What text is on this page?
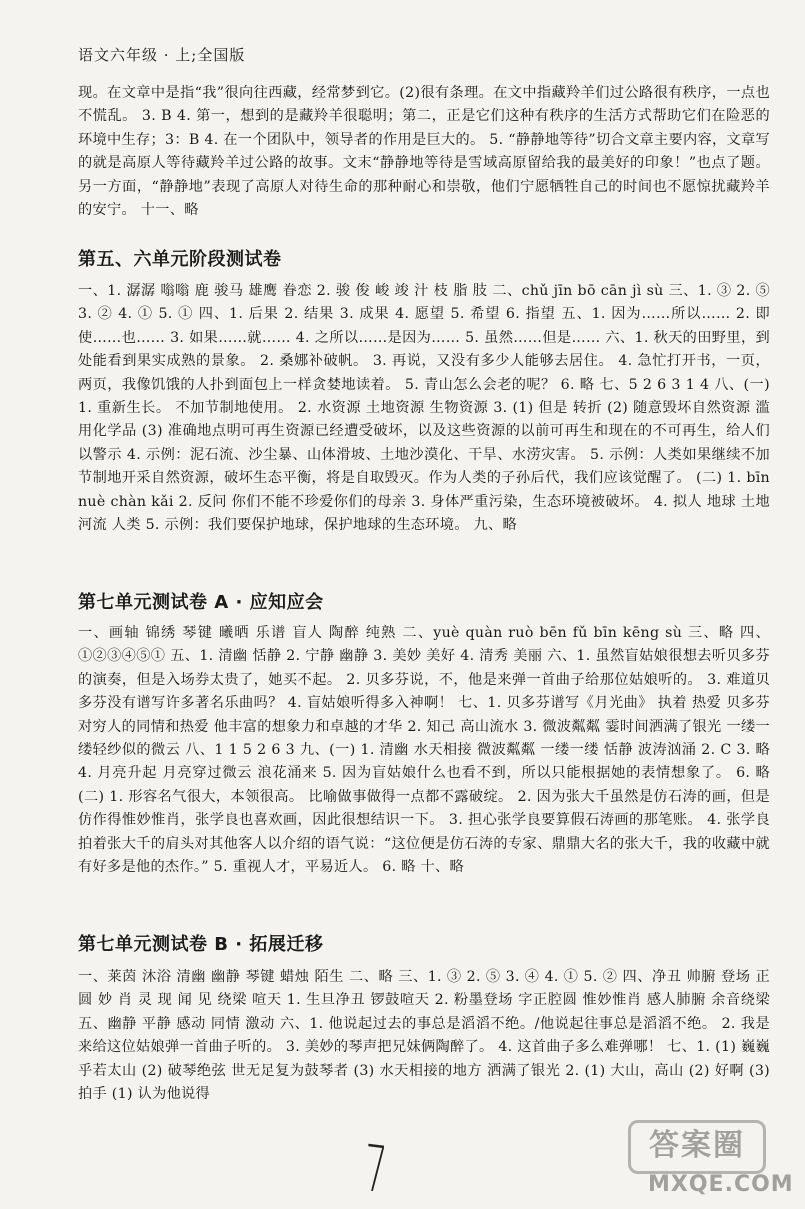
语文六年级 · 上;全国版

现。在文章中是指“我”很向往西藏，经常梦到它。(2)很有条理。在文中指藏羚羊们过公路很有秩序，一点也不慌乱。 3. B 4. 第一，想到的是藏羚羊很聪明；第二，正是它们这种有秩序的生活方式帮助它们在险恶的环境中生存；3：B 4. 在一个团队中，领导者的作用是巨大的。 5. “静静地等待”切合文章主要内容，文章写的就是高原人等待藏羚羊过公路的故事。文末“静静地等待是雪域高原留给我的最美好的印象！”也点了题。另一方面，“静静地”表现了高原人对待生命的那种耐心和崇敬，他们宁愿牺牲自己的时间也不愿惊扰藏羚羊的安宁。 十一、略

第五、六单元阶段测试卷

一、1. 潺潺 嗡嗡 鹿 骏马 雄鹰 眷恋 2. 骏 俊 峻 竣 汁 枝 脂 肢 二、chǔ jīn bō cān jì sù 三、1. ③ 2. ⑤ 3. ② 4. ① 5. ① 四、1. 后果 2. 结果 3. 成果 4. 愿望 5. 希望 6. 指望 五、1. 因为……所以…… 2. 即使……也…… 3. 如果……就…… 4. 之所以……是因为…… 5. 虽然……但是…… 六、1. 秋天的田野里，到处能看到果实成熟的景象。 2. 桑娜补破帆。 3. 再说，又没有多少人能够去居住。 4. 急忙打开书，一页，两页，我像饥饿的人扑到面包上一样贪婪地读着。 5. 青山怎么会老的呢？ 6. 略 七、5 2 6 3 1 4 八、(一) 1. 重新生长。 不加节制地使用。 2. 水资源 土地资源 生物资源 3. (1) 但是 转折 (2) 随意毁坏自然资源 滥用化学品 (3) 准确地点明可再生资源已经遭受破坏，以及这些资源的以前可再生和现在的不可再生，给人们以警示 4. 示例：泥石流、沙尘暴、山体滑坡、土地沙漠化、干旱、水涝灾害。 5. 示例：人类如果继续不加节制地开采自然资源，破坏生态平衡，将是自取毁灭。作为人类的子孙后代，我们应该觉醒了。 (二) 1. bīn nuè chàn kǎi 2. 反问 你们不能不珍爱你们的母亲 3. 身体严重污染，生态环境被破坏。 4. 拟人 地球 土地 河流 人类 5. 示例：我们要保护地球，保护地球的生态环境。 九、略

第七单元测试卷 A · 应知应会

一、画轴 锦绣 琴键 曦晒 乐谱 盲人 陶醉 纯熟 二、yuè quàn ruò bēn fǔ bīn kēng sù 三、略 四、①②③④⑤① 五、1. 清幽 恬静 2. 宁静 幽静 3. 美妙 美好 4. 清秀 美丽 六、1. 虽然盲姑娘很想去听贝多芬的演奏，但是入场券太贵了，她买不起。 2. 贝多芬说，不，他是来弹一首曲子给那位姑娘听的。 3. 难道贝多芬没有谱写许多著名乐曲吗？ 4. 盲姑娘听得多入神啊！ 七、1. 贝多芬谱写《月光曲》 执着 热爱 贝多芬对穷人的同情和热爱 他丰富的想象力和卓越的才华 2. 知己 高山流水 3. 微波粼粼 霎时间洒满了银光 一缕一缕轻纱似的微云 八、1 1 5 2 6 3 九、(一) 1. 清幽 水天相接 微波粼粼 一缕一缕 恬静 波涛汹涌 2. C 3. 略 4. 月亮升起 月亮穿过微云 浪花涌来 5. 因为盲姑娘什么也看不到，所以只能根据她的表情想象了。 6. 略 (二) 1. 形容名气很大，本领很高。 比喻做事做得一点都不露破绽。 2. 因为张大千虽然是仿石涛的画，但是仿作得惟妙惟肖，张学良也喜欢画，因此很想结识一下。 3. 担心张学良要算假石涛画的那笔账。 4. 张学良拍着张大千的肩头对其他客人以介绍的语气说：“这位便是仿石涛的专家、鼎鼎大名的张大千，我的收藏中就有好多是他的杰作。” 5. 重视人才，平易近人。 6. 略 十、略

第七单元测试卷 B · 拓展迁移

一、莱茵 沐浴 清幽 幽静 琴键 蜡烛 陌生 二、略 三、1. ③ 2. ⑤ 3. ④ 4. ① 5. ② 四、净丑 帅腑 登场 正 圆 妙 肖 灵 现 闻 见 绕梁 喧天 1. 生旦净丑 锣鼓喧天 2. 粉墨登场 字正腔圆 惟妙惟肖 感人肺腑 余音绕梁 五、幽静 平静 感动 同情 激动 六、1. 他说起过去的事总是滔滔不绝。/他说起往事总是滔滔不绝。 2. 我是来给这位姑娘弹一首曲子听的。 3. 美妙的琴声把兄妹俩陶醉了。 4. 这首曲子多么难弹哪！ 七、1. (1) 巍巍乎若太山 (2) 破琴绝弦 世无足复为鼓琴者 (3) 水天相接的地方 洒满了银光 2. (1) 大山，高山 (2) 好啊 (3) 拍手 (1) 认为他说得

7	答案圈
MXQE.COM
